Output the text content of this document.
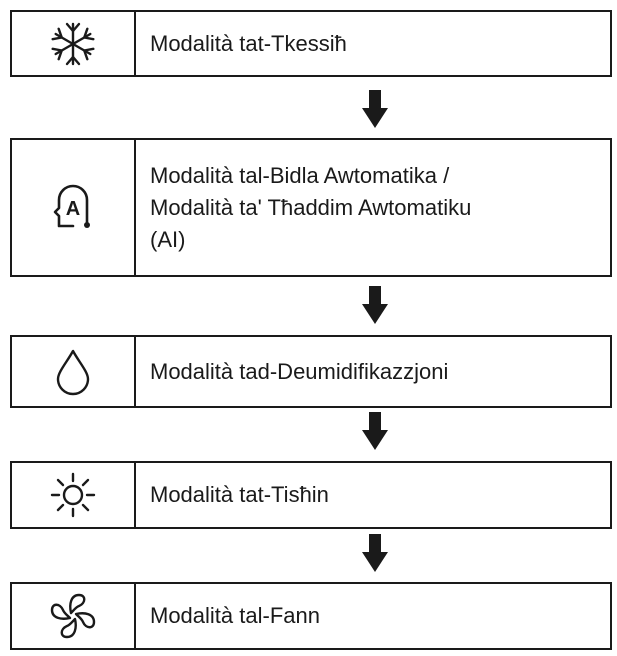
Modalità tat-Tkessiħ
A
Modalità tal-Bidla Awtomatika /
Modalità ta' Tħaddim Awtomatiku
(AI)
Modalità tad-Deumidifikazzjoni
Modalità tat-Tisħin
Modalità tal-Fann
